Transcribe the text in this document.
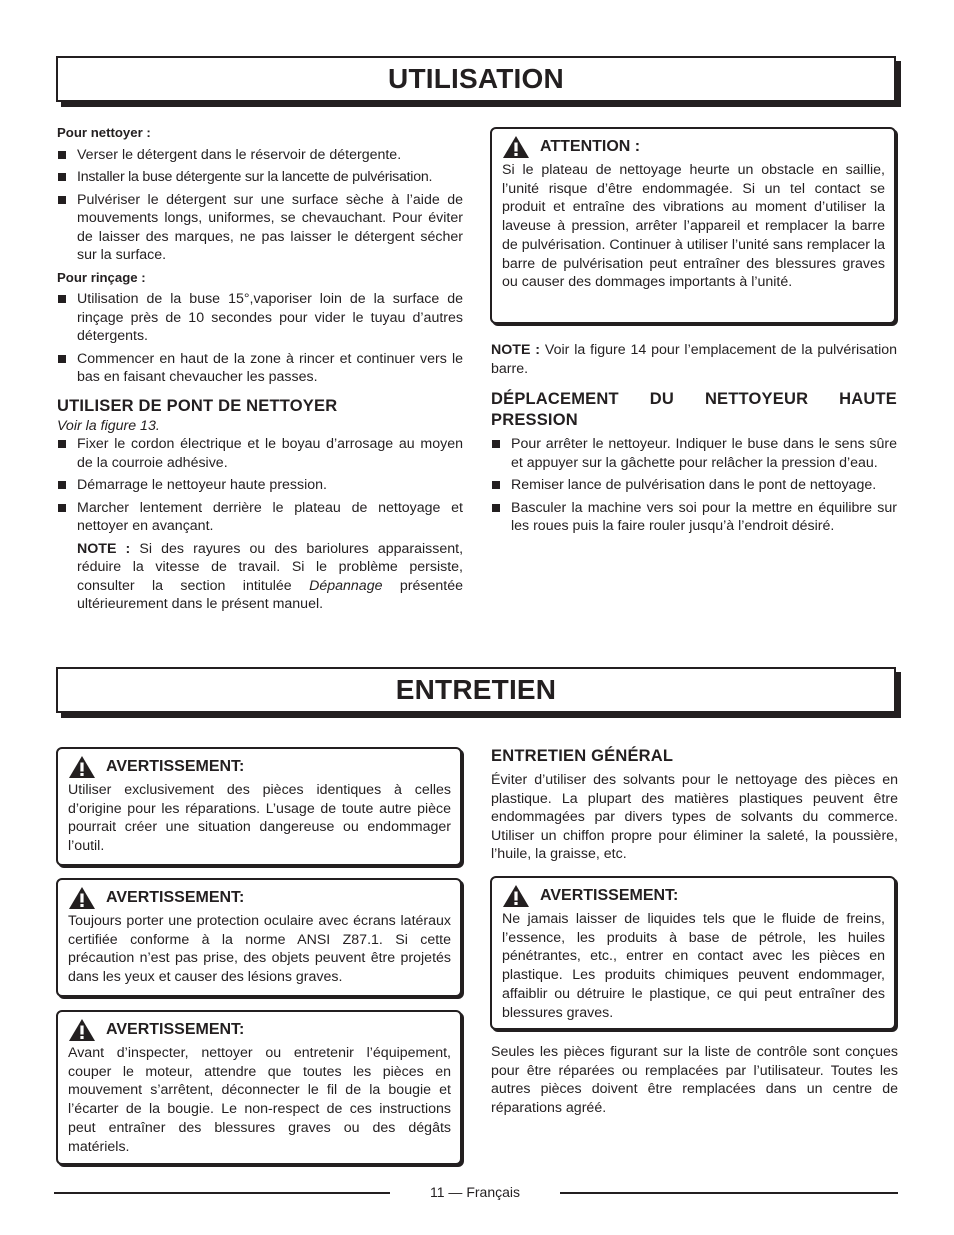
UTILISATION
Pour nettoyer :
Verser le détergent dans le réservoir de détergente.
Installer la buse détergente sur la lancette de pulvérisation.
Pulvériser le détergent sur une surface sèche à l’aide de mouvements longs, uniformes, se chevauchant. Pour éviter de laisser des marques, ne pas laisser le détergent sécher sur la surface.
Pour rinçage :
Utilisation de la buse 15°,vaporiser loin de la surface de rinçage près de 10 secondes pour vider le tuyau d’autres détergents.
Commencer en haut de la zone à rincer et continuer vers le bas en faisant chevaucher les passes.
UTILISER DE PONT DE NETTOYER
Voir la figure 13.
Fixer le cordon électrique et le boyau d’arrosage au moyen de la courroie adhésive.
Démarrage le nettoyeur haute pression.
Marcher lentement derrière le plateau de nettoyage et nettoyer en avançant.

NOTE : Si des rayures ou des bariolures apparaissent, réduire la vitesse de travail. Si le problème persiste, consulter la section intitulée Dépannage présentée ultérieurement dans le présent manuel.

ATTENTION :

Si le plateau de nettoyage heurte un obstacle en saillie, l’unité risque d’être endommagée. Si un tel contact se produit et entraîne des vibrations au moment d’utiliser la laveuse à pression, arrêter l’appareil et remplacer la barre de pulvérisation. Continuer à utiliser l’unité sans remplacer la barre de pulvérisation peut entraîner des blessures graves ou causer des dommages importants à l’unité.

NOTE : Voir la figure 14 pour l’emplacement de la pulvérisation barre.

DÉPLACEMENT DU NETTOYEUR HAUTE PRESSION
Pour arrêter le nettoyeur. Indiquer le buse dans le sens sûre et appuyer sur la gâchette pour relâcher la pression d’eau.
Remiser lance de pulvérisation dans le pont de nettoyage.
Basculer la machine vers soi pour la mettre en équilibre sur les roues puis la faire rouler jusqu’à l’endroit désiré.
ENTRETIEN
AVERTISSEMENT:

Utiliser exclusivement des pièces identiques à celles d’origine pour les réparations. L’usage de toute autre pièce pourrait créer une situation dangereuse ou endommager l’outil.

AVERTISSEMENT:

Toujours porter une protection oculaire avec écrans latéraux certifiée conforme à la norme ANSI Z87.1. Si cette précaution n’est pas prise, des objets peuvent être projetés dans les yeux et causer des lésions graves.

AVERTISSEMENT:

Avant d’inspecter, nettoyer ou entretenir l’équipement, couper le moteur, attendre que toutes les pièces en mouvement s’arrêtent, déconnecter le fil de la bougie et l’écarter de la bougie. Le non-respect de ces instructions peut entraîner des blessures graves ou des dégâts matériels.

ENTRETIEN GÉNÉRAL

Éviter d’utiliser des solvants pour le nettoyage des pièces en plastique. La plupart des matières plastiques peuvent être endommagées par divers types de solvants du commerce. Utiliser un chiffon propre pour éliminer la saleté, la poussière, l’huile, la graisse, etc.

AVERTISSEMENT:

Ne jamais laisser de liquides tels que le fluide de freins, l’essence, les produits à base de pétrole, les huiles pénétrantes, etc., entrer en contact avec les pièces en plastique. Les produits chimiques peuvent endommager, affaiblir ou détruire le plastique, ce qui peut entraîner des blessures graves.

Seules les pièces figurant sur la liste de contrôle sont conçues pour être réparées ou remplacées par l’utilisateur. Toutes les autres pièces doivent être remplacées dans un centre de réparations agréé.

11 — Français
